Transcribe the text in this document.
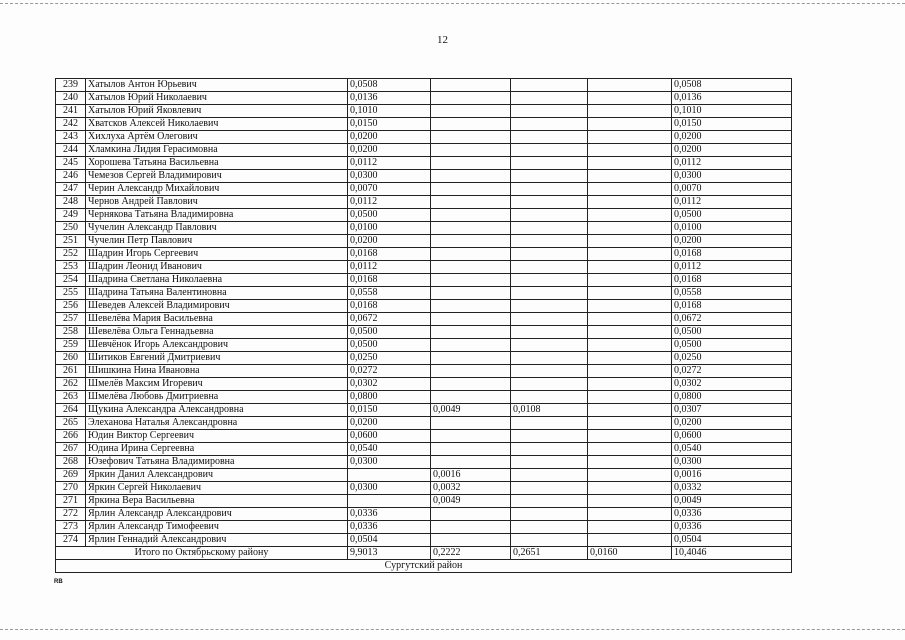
12
239	Хатылов Антон Юрьевич	0,0508				0,0508
240	Хатылов Юрий Николаевич	0,0136				0,0136
241	Хатылов Юрий Яковлевич	0,1010				0,1010
242	Хватсков Алексей Николаевич	0,0150				0,0150
243	Хихлуха Артём Олегович	0,0200				0,0200
244	Хламкина Лидия Герасимовна	0,0200				0,0200
245	Хорошева Татьяна Васильевна	0,0112				0,0112
246	Чемезов Сергей Владимирович	0,0300				0,0300
247	Черин Александр Михайлович	0,0070				0,0070
248	Чернов Андрей Павлович	0,0112				0,0112
249	Чернякова Татьяна Владимировна	0,0500				0,0500
250	Чучелин Александр Павлович	0,0100				0,0100
251	Чучелин Петр Павлович	0,0200				0,0200
252	Шадрин Игорь Сергеевич	0,0168				0,0168
253	Шадрин Леонид Иванович	0,0112				0,0112
254	Шадрина Светлана Николаевна	0,0168				0,0168
255	Шадрина Татьяна Валентиновна	0,0558				0,0558
256	Шеведев Алексей Владимирович	0,0168				0,0168
257	Шевелёва Мария Васильевна	0,0672				0,0672
258	Шевелёва Ольга Геннадьевна	0,0500				0,0500
259	Шевчёнок Игорь Александрович	0,0500				0,0500
260	Шитиков Евгений Дмитриевич	0,0250				0,0250
261	Шишкина Нина Ивановна	0,0272				0,0272
262	Шмелёв Максим Игоревич	0,0302				0,0302
263	Шмелёва Любовь Дмитриевна	0,0800				0,0800
264	Щукина Александра Александровна	0,0150	0,0049	0,0108		0,0307
265	Элеханова Наталья Александровна	0,0200				0,0200
266	Юдин Виктор Сергеевич	0,0600				0,0600
267	Юдина Ирина Сергеевна	0,0540				0,0540
268	Юзефович Татьяна Владимировна	0,0300				0,0300
269	Яркин Данил Александрович		0,0016			0,0016
270	Яркин Сергей Николаевич	0,0300	0,0032			0,0332
271	Яркина Вера Васильевна		0,0049			0,0049
272	Ярлин Александр Александрович	0,0336				0,0336
273	Ярлин Александр Тимофеевич	0,0336				0,0336
274	Ярлин Геннадий Александрович	0,0504				0,0504
Итого по Октябрьскому району		9,9013	0,2222	0,2651	0,0160	10,4046
Сургутский район						
RB
